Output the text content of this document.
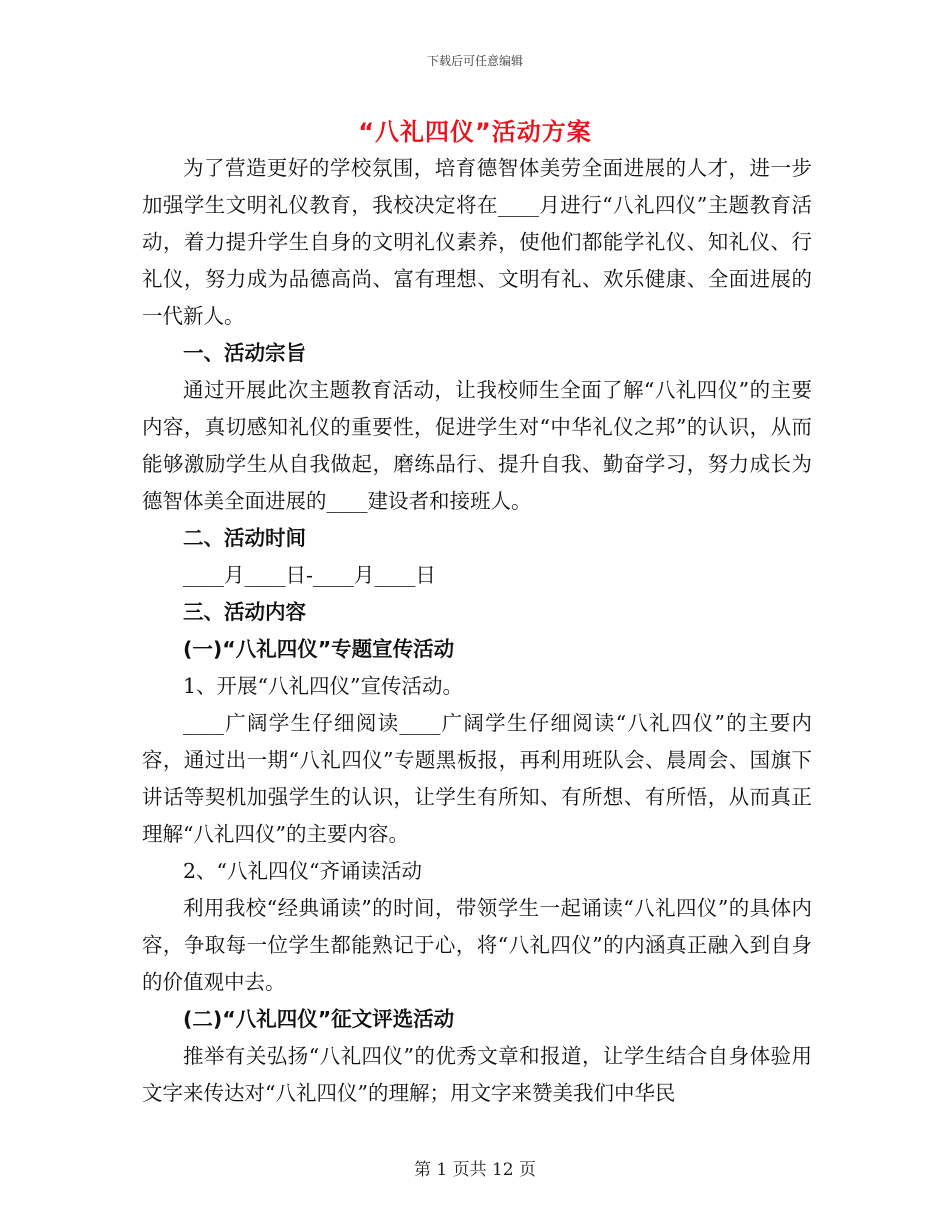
下载后可任意编辑
“八礼四仪”活动方案

为了营造更好的学校氛围，培育德智体美劳全面进展的人才，进一步加强学生文明礼仪教育，我校决定将在____月进行“八礼四仪”主题教育活动，着力提升学生自身的文明礼仪素养，使他们都能学礼仪、知礼仪、行礼仪，努力成为品德高尚、富有理想、文明有礼、欢乐健康、全面进展的一代新人。

一、活动宗旨

通过开展此次主题教育活动，让我校师生全面了解“八礼四仪”的主要内容，真切感知礼仪的重要性，促进学生对“中华礼仪之邦”的认识，从而能够激励学生从自我做起，磨练品行、提升自我、勤奋学习，努力成长为德智体美全面进展的____建设者和接班人。

二、活动时间

____月____日-____月____日

三、活动内容

(一)“八礼四仪”专题宣传活动

1、开展“八礼四仪”宣传活动。

____广阔学生仔细阅读____广阔学生仔细阅读“八礼四仪”的主要内容，通过出一期“八礼四仪”专题黑板报，再利用班队会、晨周会、国旗下讲话等契机加强学生的认识，让学生有所知、有所想、有所悟，从而真正理解“八礼四仪”的主要内容。

2、“八礼四仪“齐诵读活动

利用我校“经典诵读”的时间，带领学生一起诵读“八礼四仪”的具体内容，争取每一位学生都能熟记于心，将“八礼四仪”的内涵真正融入到自身的价值观中去。

(二)“八礼四仪”征文评选活动

推举有关弘扬“八礼四仪”的优秀文章和报道，让学生结合自身体验用文字来传达对“八礼四仪”的理解；用文字来赞美我们中华民

第 1 页共 12 页
